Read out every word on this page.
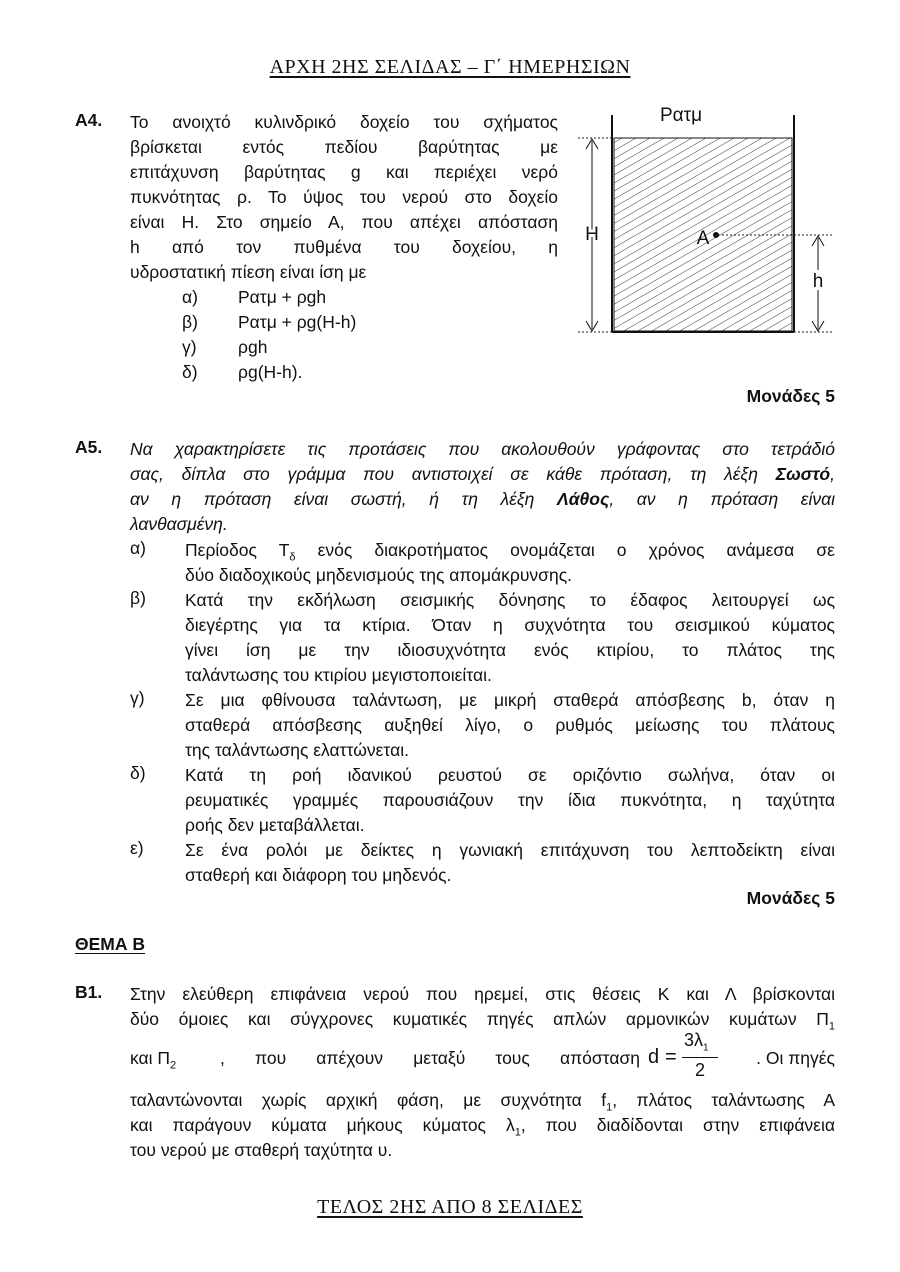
ΑΡΧΗ 2ΗΣ ΣΕΛΙΔΑΣ – Γ΄ ΗΜΕΡΗΣΙΩΝ
Α4. Το ανοιχτό κυλινδρικό δοχείο του σχήματος
βρίσκεται εντός πεδίου βαρύτητας με
επιτάχυνση βαρύτητας g και περιέχει νερό
πυκνότητας ρ. Το ύψος του νερού στο δοχείο
είναι Η. Στο σημείο Α, που απέχει απόσταση
h από τον πυθμένα του δοχείου, η
υδροστατική πίεση είναι ίση με
α) Ρατμ + ρgh
β) Ρατμ + ρg(H-h)
γ) ρgh
δ) ρg(H-h).
Ρατμ
H	A
h
Μονάδες 5
Α5. Να χαρακτηρίσετε τις προτάσεις που ακολουθούν γράφοντας στο τετράδιό
σας, δίπλα στο γράμμα που αντιστοιχεί σε κάθε πρόταση, τη λέξη Σωστό,
αν η πρόταση είναι σωστή, ή τη λέξη Λάθος, αν η πρόταση είναι
λανθασμένη.
α) Περίοδος $T_\delta$ ενός διακροτήματος ονομάζεται ο χρόνος ανάμεσα σε
δύο διαδοχικούς μηδενισμούς της απομάκρυνσης.
β) Κατά την εκδήλωση σεισμικής δόνησης το έδαφος λειτουργεί ως
διεγέρτης για τα κτίρια. Όταν η συχνότητα του σεισμικού κύματος
γίνει ίση με την ιδιοσυχνότητα ενός κτιρίου, το πλάτος της
ταλάντωσης του κτιρίου μεγιστοποιείται.
γ) Σε μια φθίνουσα ταλάντωση, με μικρή σταθερά απόσβεσης b, όταν η
σταθερά απόσβεσης αυξηθεί λίγο, ο ρυθμός μείωσης του πλάτους
της ταλάντωσης ελαττώνεται.
δ) Κατά τη ροή ιδανικού ρευστού σε οριζόντιο σωλήνα, όταν οι
ρευματικές γραμμές παρουσιάζουν την ίδια πυκνότητα, η ταχύτητα
ροής δεν μεταβάλλεται.
ε) Σε ένα ρολόι με δείκτες η γωνιακή επιτάχυνση του λεπτοδείκτη είναι
σταθερή και διάφορη του μηδενός.
Μονάδες 5
ΘΕΜΑ Β
Β1. Στην ελεύθερη επιφάνεια νερού που ηρεμεί, στις θέσεις Κ και Λ βρίσκονται
δύο όμοιες και σύγχρονες κυματικές πηγές απλών αρμονικών κυμάτων $\Pi_1$
και $\Pi_2$	, που απέχουν μεταξύ τους απόσταση d =
$3\lambda_1$
2
. Οι πηγές
ταλαντώνονται χωρίς αρχική φάση, με συχνότητα $f_1$, πλάτος ταλάντωσης Α
και παράγουν κύματα μήκους κύματος $\lambda_1$, που διαδίδονται στην επιφάνεια
του νερού με σταθερή ταχύτητα υ.
ΤΕΛΟΣ 2ΗΣ ΑΠΟ 8 ΣΕΛΙΔΕΣ
